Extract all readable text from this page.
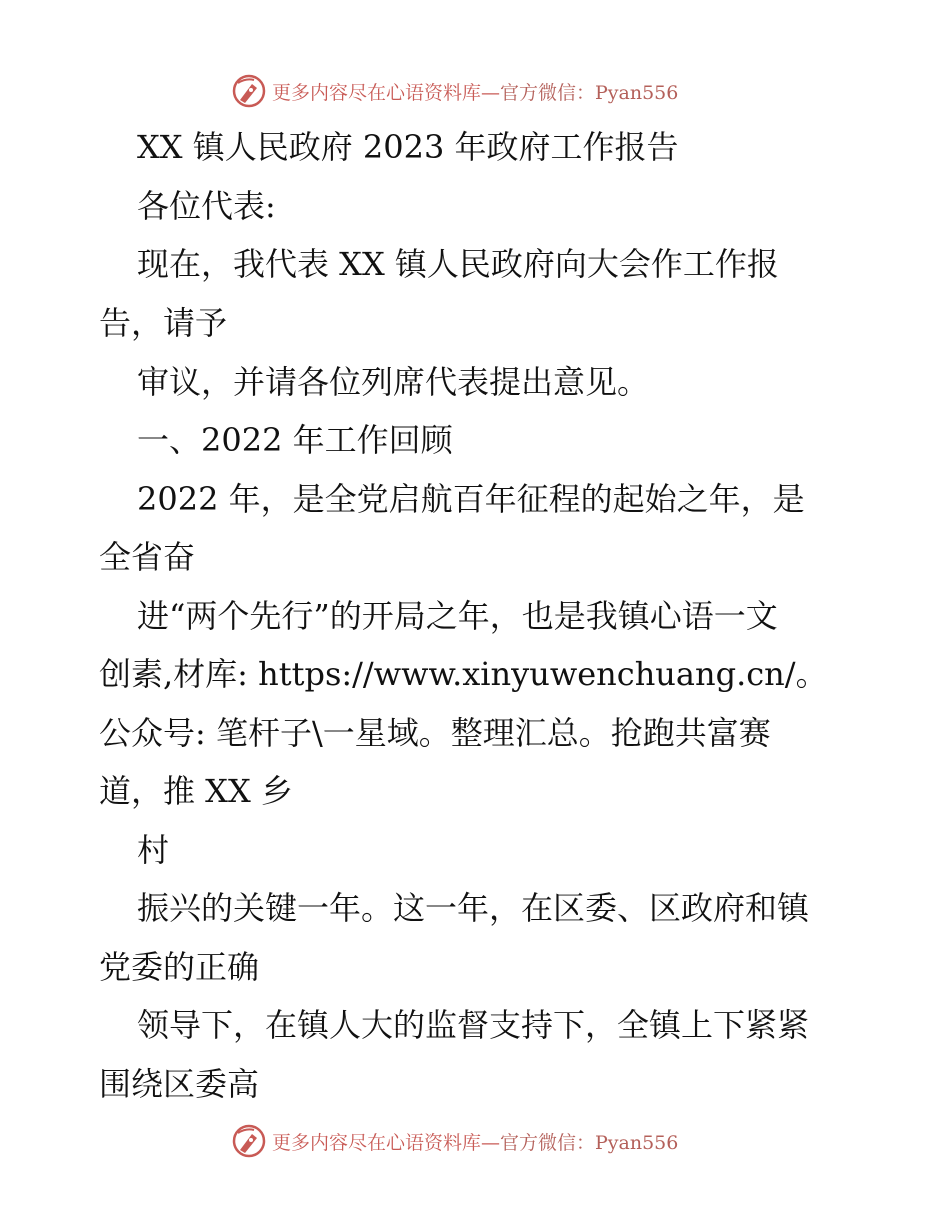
更多内容尽在心语资料库—官方微信：Pyan556
XX 镇人民政府 2023 年政府工作报告
各位代表:
现在，我代表 XX 镇人民政府向大会作工作报
告，请予
审议，并请各位列席代表提出意见。
一、2022 年工作回顾
2022 年，是全党启航百年征程的起始之年，是
全省奋
进“两个先行”的开局之年，也是我镇心语一文
创素,材库: https://www.xinyuwenchuang.cn/。
公众号: 笔杆子\一星域。整理汇总。抢跑共富赛
道，推 XX 乡
村
振兴的关键一年。这一年，在区委、区政府和镇
党委的正确
领导下，在镇人大的监督支持下，全镇上下紧紧
围绕区委高
更多内容尽在心语资料库—官方微信：Pyan556
